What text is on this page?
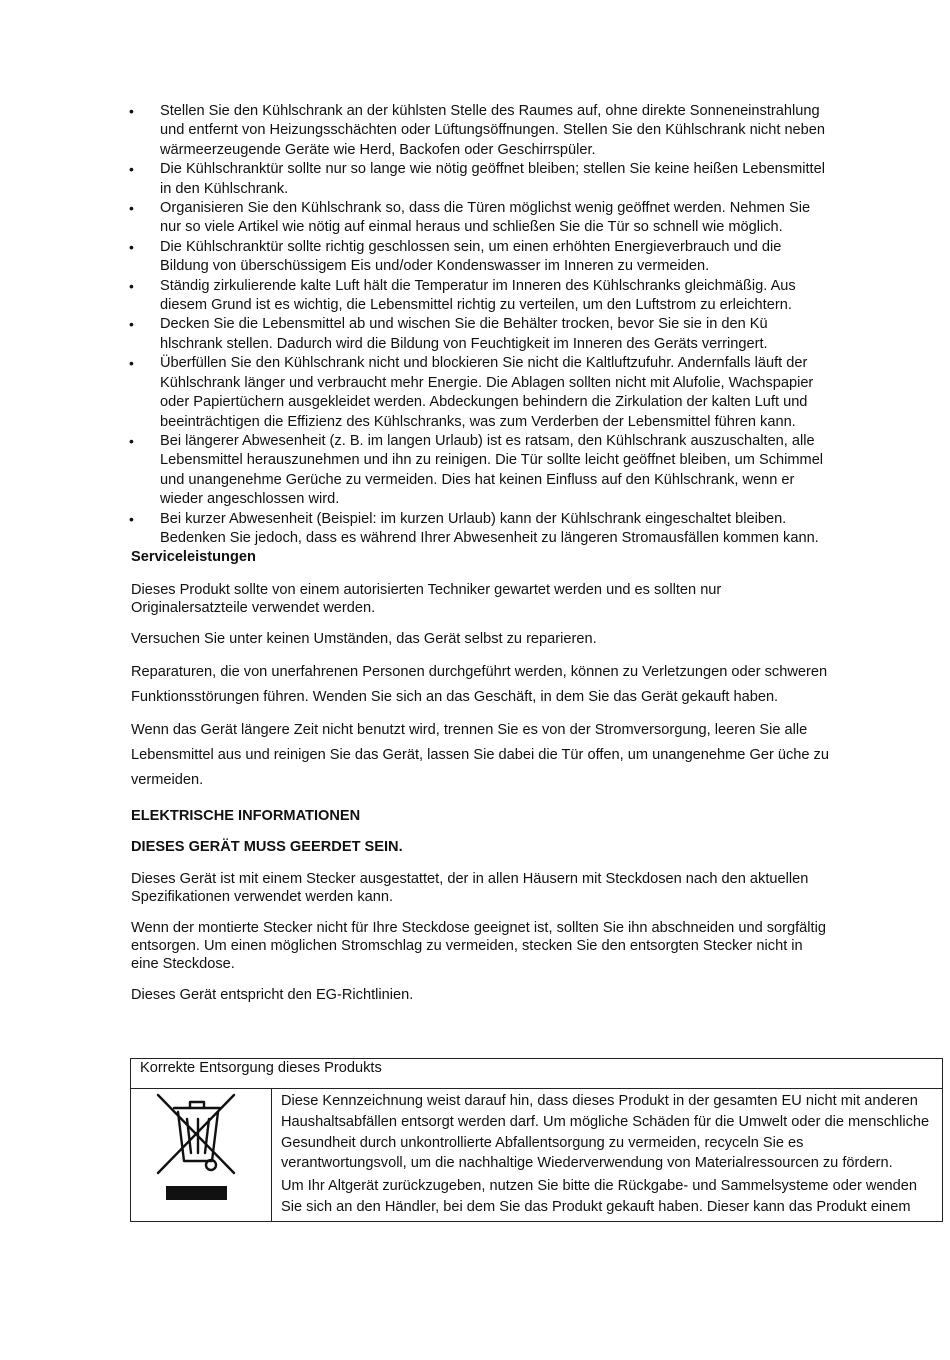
• Stellen Sie den Kühlschrank an der kühlsten Stelle des Raumes auf, ohne direkte Sonneneinstrahlung und entfernt von Heizungsschächten oder Lüftungsöffnungen. Stellen Sie den Kühlschrank nicht neben wärmeerzeugende Geräte wie Herd, Backofen oder Geschirrspüler.
• Die Kühlschranktür sollte nur so lange wie nötig geöffnet bleiben; stellen Sie keine heißen Lebensmittel in den Kühlschrank.
• Organisieren Sie den Kühlschrank so, dass die Türen möglichst wenig geöffnet werden. Nehmen Sie nur so viele Artikel wie nötig auf einmal heraus und schließen Sie die Tür so schnell wie möglich.
• Die Kühlschranktür sollte richtig geschlossen sein, um einen erhöhten Energieverbrauch und die Bildung von überschüssigem Eis und/oder Kondenswasser im Inneren zu vermeiden.
• Ständig zirkulierende kalte Luft hält die Temperatur im Inneren des Kühlschranks gleichmäßig. Aus diesem Grund ist es wichtig, die Lebensmittel richtig zu verteilen, um den Luftstrom zu erleichtern.
• Decken Sie die Lebensmittel ab und wischen Sie die Behälter trocken, bevor Sie sie in den Kü hlschrank stellen. Dadurch wird die Bildung von Feuchtigkeit im Inneren des Geräts verringert.
• Überfüllen Sie den Kühlschrank nicht und blockieren Sie nicht die Kaltluftzufuhr. Andernfalls läuft der Kühlschrank länger und verbraucht mehr Energie. Die Ablagen sollten nicht mit Alufolie, Wachspapier oder Papiertüchern ausgekleidet werden. Abdeckungen behindern die Zirkulation der kalten Luft und beeinträchtigen die Effizienz des Kühlschranks, was zum Verderben der Lebensmittel führen kann.
• Bei längerer Abwesenheit (z. B. im langen Urlaub) ist es ratsam, den Kühlschrank auszuschalten, alle Lebensmittel herauszunehmen und ihn zu reinigen. Die Tür sollte leicht geöffnet bleiben, um Schimmel und unangenehme Gerüche zu vermeiden. Dies hat keinen Einfluss auf den Kühlschrank, wenn er wieder angeschlossen wird.
• Bei kurzer Abwesenheit (Beispiel: im kurzen Urlaub) kann der Kühlschrank eingeschaltet bleiben. Bedenken Sie jedoch, dass es während Ihrer Abwesenheit zu längeren Stromausfällen kommen kann.
Serviceleistungen

Dieses Produkt sollte von einem autorisierten Techniker gewartet werden und es sollten nur Originalersatzteile verwendet werden.

Versuchen Sie unter keinen Umständen, das Gerät selbst zu reparieren.

Reparaturen, die von unerfahrenen Personen durchgeführt werden, können zu Verletzungen oder schweren Funktionsstörungen führen. Wenden Sie sich an das Geschäft, in dem Sie das Gerät gekauft haben.

Wenn das Gerät längere Zeit nicht benutzt wird, trennen Sie es von der Stromversorgung, leeren Sie alle Lebensmittel aus und reinigen Sie das Gerät, lassen Sie dabei die Tür offen, um unangenehme Ger üche zu vermeiden.

ELEKTRISCHE INFORMATIONEN
DIESES GERÄT MUSS GEERDET SEIN.

Dieses Gerät ist mit einem Stecker ausgestattet, der in allen Häusern mit Steckdosen nach den aktuellen Spezifikationen verwendet werden kann.

Wenn der montierte Stecker nicht für Ihre Steckdose geeignet ist, sollten Sie ihn abschneiden und sorgfältig entsorgen. Um einen möglichen Stromschlag zu vermeiden, stecken Sie den entsorgten Stecker nicht in eine Steckdose.

Dieses Gerät entspricht den EG-Richtlinien.

Korrekte Entsorgung dieses Produkts

Diese Kennzeichnung weist darauf hin, dass dieses Produkt in der gesamten EU nicht mit anderen Haushaltsabfällen entsorgt werden darf. Um mögliche Schäden für die Umwelt oder die menschliche Gesundheit durch unkontrollierte Abfallentsorgung zu vermeiden, recyceln Sie es

verantwortungsvoll, um die nachhaltige Wiederverwendung von Materialressourcen zu fördern.

Um Ihr Altgerät zurückzugeben, nutzen Sie bitte die Rückgabe- und Sammelsysteme oder wenden Sie sich an den Händler, bei dem Sie das Produkt gekauft haben. Dieser kann das Produkt einem
